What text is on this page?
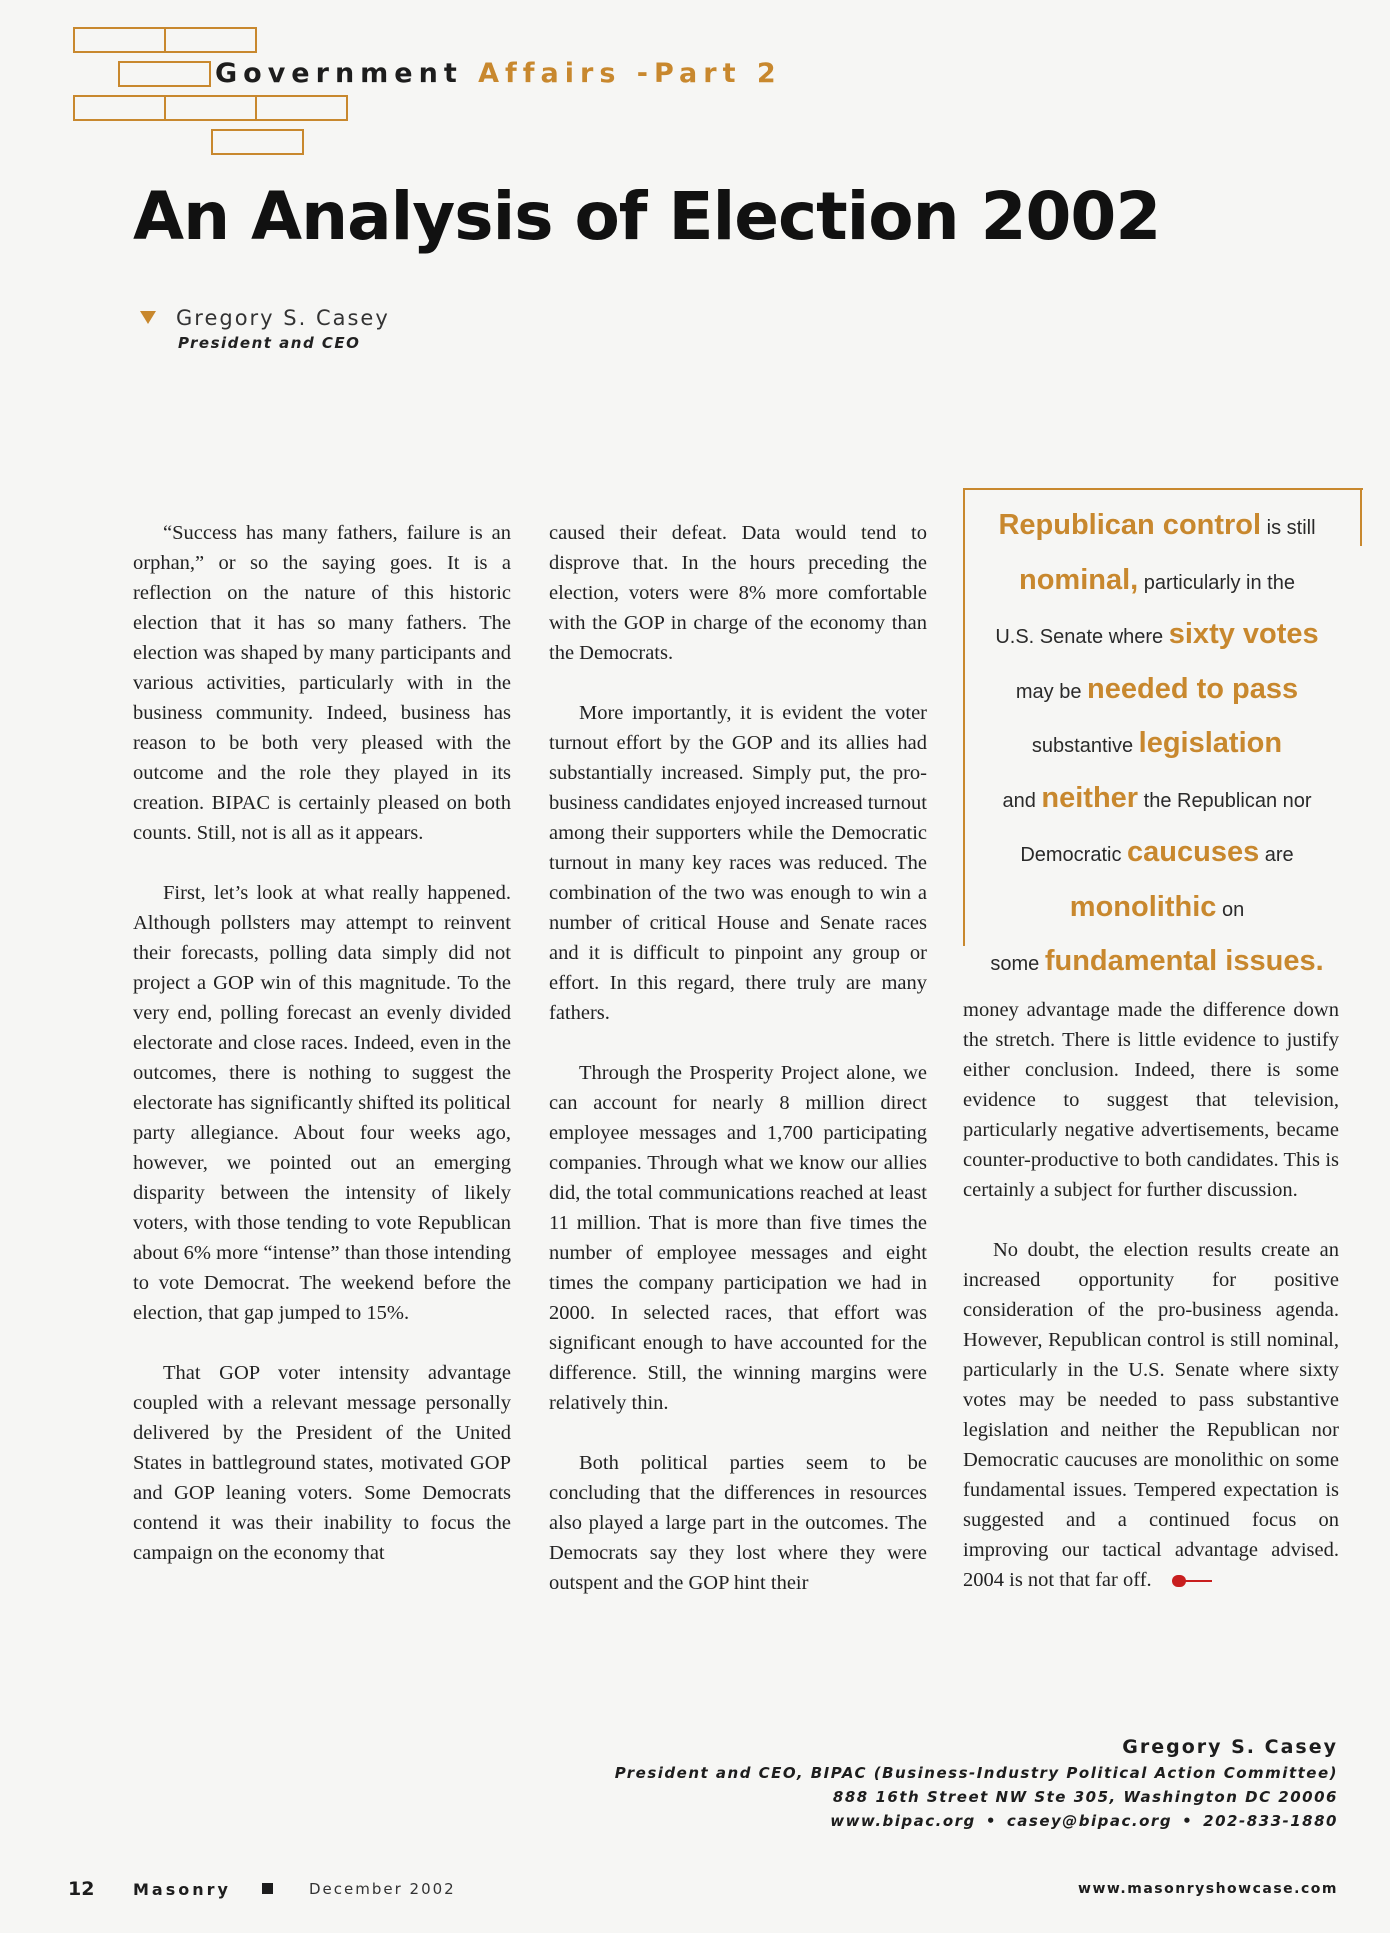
Government Affairs -Part 2
An Analysis of Election 2002
Gregory S. Casey
President and CEO

“Success has many fathers, failure is an orphan,” or so the saying goes. It is a reflection on the nature of this historic election that it has so many fathers. The election was shaped by many participants and various activities, particularly with in the business community. Indeed, business has reason to be both very pleased with the outcome and the role they played in its creation. BIPAC is certainly pleased on both counts. Still, not is all as it appears.

First, let’s look at what really happened. Although pollsters may attempt to reinvent their forecasts, polling data simply did not project a GOP win of this magnitude. To the very end, polling forecast an evenly divided electorate and close races. Indeed, even in the outcomes, there is nothing to suggest the electorate has significantly shifted its political party allegiance. About four weeks ago, however, we pointed out an emerging disparity between the intensity of likely voters, with those tending to vote Republican about 6% more “intense” than those intending to vote Democrat. The weekend before the election, that gap jumped to 15%.

That GOP voter intensity advantage coupled with a relevant message personally delivered by the President of the United States in battleground states, motivated GOP and GOP leaning voters. Some Democrats contend it was their inability to focus the campaign on the economy that

caused their defeat. Data would tend to disprove that. In the hours preceding the election, voters were 8% more comfortable with the GOP in charge of the economy than the Democrats.

More importantly, it is evident the voter turnout effort by the GOP and its allies had substantially increased. Simply put, the pro-business candidates enjoyed increased turnout among their supporters while the Democratic turnout in many key races was reduced. The combination of the two was enough to win a number of critical House and Senate races and it is difficult to pinpoint any group or effort. In this regard, there truly are many fathers.

Through the Prosperity Project alone, we can account for nearly 8 million direct employee messages and 1,700 participating companies. Through what we know our allies did, the total communications reached at least 11 million. That is more than five times the number of employee messages and eight times the company participation we had in 2000. In selected races, that effort was significant enough to have accounted for the difference. Still, the winning margins were relatively thin.

Both political parties seem to be concluding that the differences in resources also played a large part in the outcomes. The Democrats say they lost where they were outspent and the GOP hint their

Republican control is still
nominal, particularly in the
U.S. Senate where sixty votes
may be needed to pass
substantive legislation
and neither the Republican nor
Democratic caucuses are
monolithic on
some fundamental issues.

money advantage made the difference down the stretch. There is little evidence to justify either conclusion. Indeed, there is some evidence to suggest that television, particularly negative advertisements, became counter-productive to both candidates. This is certainly a subject for further discussion.

No doubt, the election results create an increased opportunity for positive consideration of the pro-business agenda. However, Republican control is still nominal, particularly in the U.S. Senate where sixty votes may be needed to pass substantive legislation and neither the Republican nor Democratic caucuses are monolithic on some fundamental issues. Tempered expectation is suggested and a continued focus on improving our tactical advantage advised. 2004 is not that far off.

Gregory S. Casey
President and CEO, BIPAC (Business-Industry Political Action Committee)
888 16th Street NW Ste 305, Washington DC 20006
www.bipac.org • casey@bipac.org • 202-833-1880
12 Masonry	December 2002	www.masonryshowcase.com
